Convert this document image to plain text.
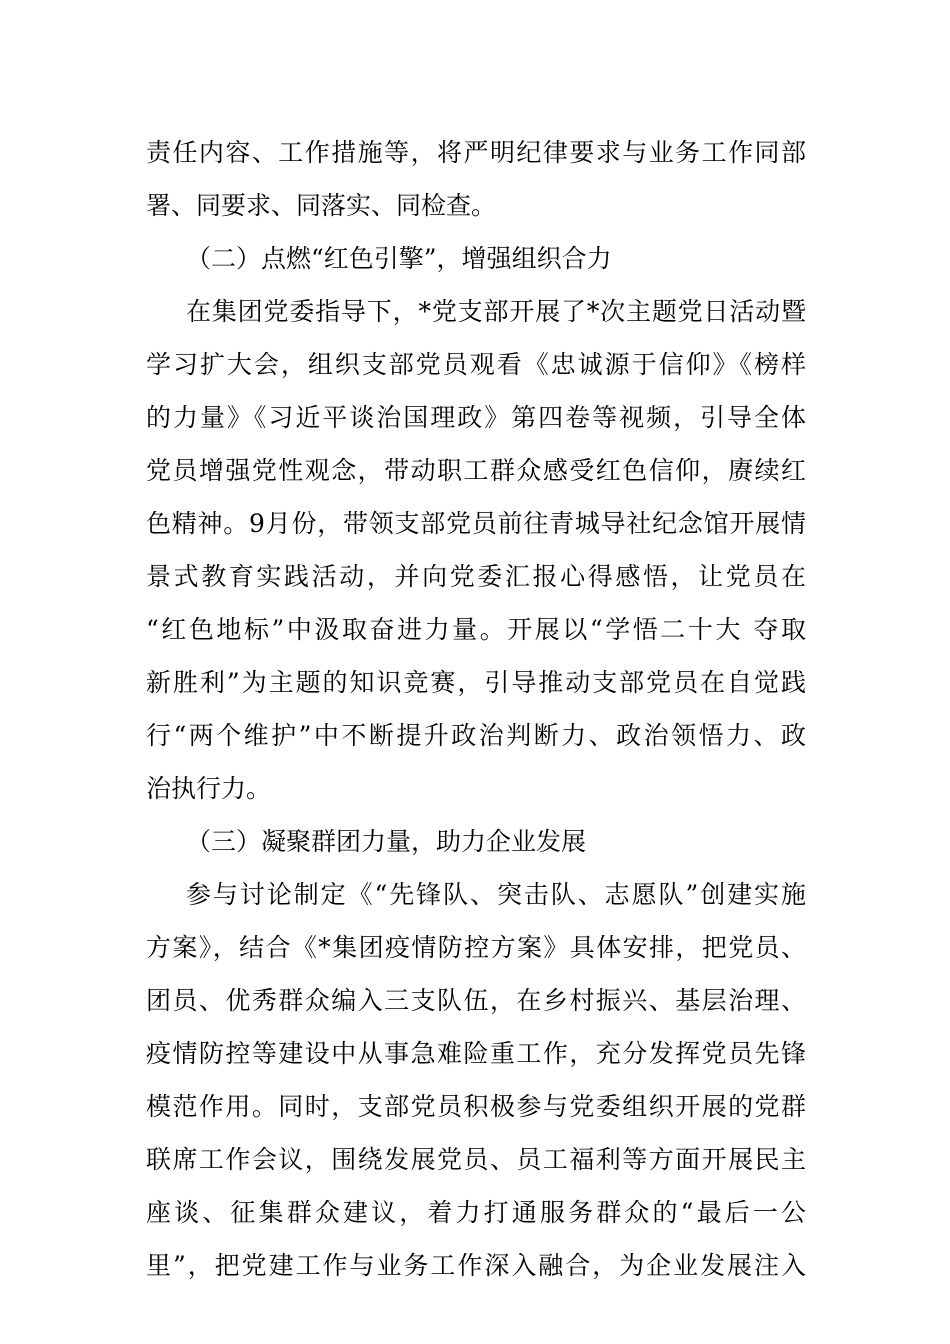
责任内容、工作措施等，将严明纪律要求与业务工作同部
署、同要求、同落实、同检查。
（二）点燃“红色引擎”，增强组织合力
在集团党委指导下，*党支部开展了*次主题党日活动暨
学习扩大会，组织支部党员观看《忠诚源于信仰》《榜样
的力量》《习近平谈治国理政》第四卷等视频，引导全体
党员增强党性观念，带动职工群众感受红色信仰，赓续红
色精神。9月份，带领支部党员前往青城导社纪念馆开展情
景式教育实践活动，并向党委汇报心得感悟，让党员在
“红色地标”中汲取奋进力量。开展以“学悟二十大 夺取
新胜利”为主题的知识竞赛，引导推动支部党员在自觉践
行“两个维护”中不断提升政治判断力、政治领悟力、政
治执行力。
（三）凝聚群团力量，助力企业发展
参与讨论制定《“先锋队、突击队、志愿队”创建实施
方案》，结合《*集团疫情防控方案》具体安排，把党员、
团员、优秀群众编入三支队伍，在乡村振兴、基层治理、
疫情防控等建设中从事急难险重工作，充分发挥党员先锋
模范作用。同时，支部党员积极参与党委组织开展的党群
联席工作会议，围绕发展党员、员工福利等方面开展民主
座谈、征集群众建议，着力打通服务群众的“最后一公
里”，把党建工作与业务工作深入融合，为企业发展注入
